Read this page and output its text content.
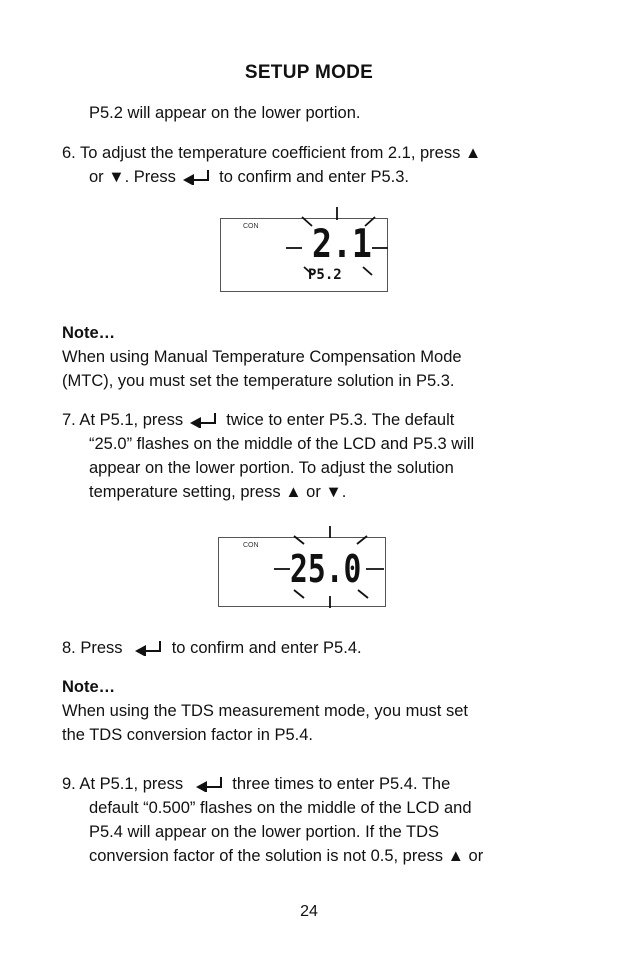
SETUP MODE
P5.2 will appear on the lower portion.
6. To adjust the temperature coefficient from 2.1, press ▲
or ▼. Press	to confirm and enter P5.3.
CON 2.1
P5.2
Note…
When using Manual Temperature Compensation Mode
(MTC), you must set the temperature solution in P5.3.
7. At P5.1, press	twice to enter P5.3. The default
“25.0” flashes on the middle of the LCD and P5.3 will
appear on the lower portion. To adjust the solution
temperature setting, press ▲ or ▼.
CON
25.0
8. Press	to confirm and enter P5.4.
Note…
When using the TDS measurement mode, you must set
the TDS conversion factor in P5.4.
9. At P5.1, press	three times to enter P5.4. The
default “0.500” flashes on the middle of the LCD and
P5.4 will appear on the lower portion. If the TDS
conversion factor of the solution is not 0.5, press ▲ or
24
